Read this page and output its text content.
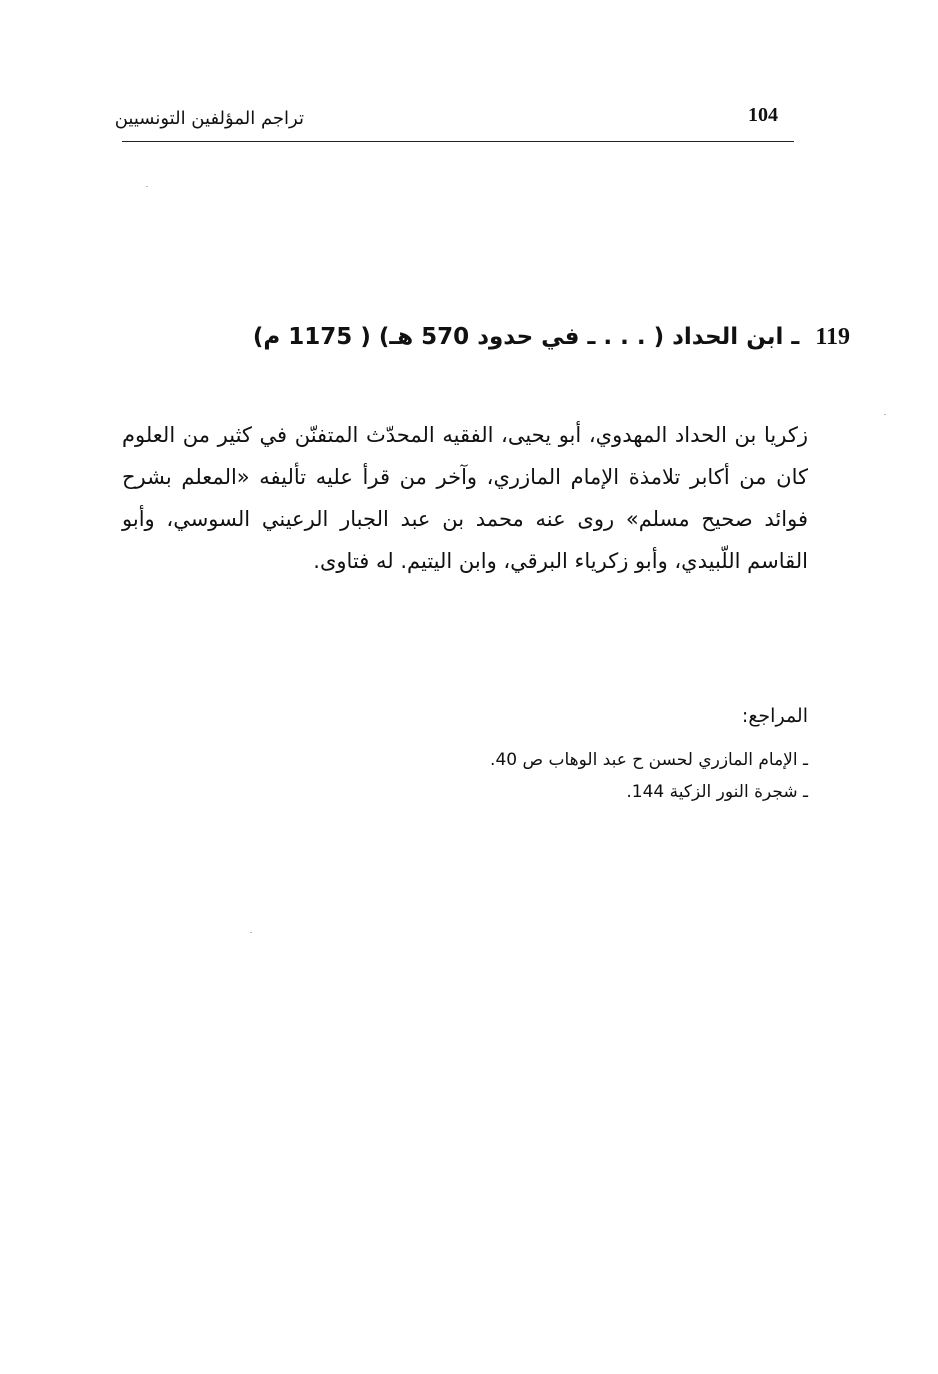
تراجم المؤلفين التونسيين	104
119 ـ ابن الحداد ( . . . ـ في حدود 570 هـ) ( 1175 م)
زكريا بن الحداد المهدوي، أبو يحيى، الفقيه المحدّث المتفنّن في كثير من العلوم كان من أكابر تلامذة الإمام المازري، وآخر من قرأ عليه تأليفه «المعلم بشرح فوائد صحيح مسلم» روى عنه محمد بن عبد الجبار الرعيني السوسي، وأبو القاسم اللّبيدي، وأبو زكرياء البرقي، وابن اليتيم. له فتاوى.
المراجع:
ـ الإمام المازري لحسن ح عبد الوهاب ص 40.
ـ شجرة النور الزكية 144.
